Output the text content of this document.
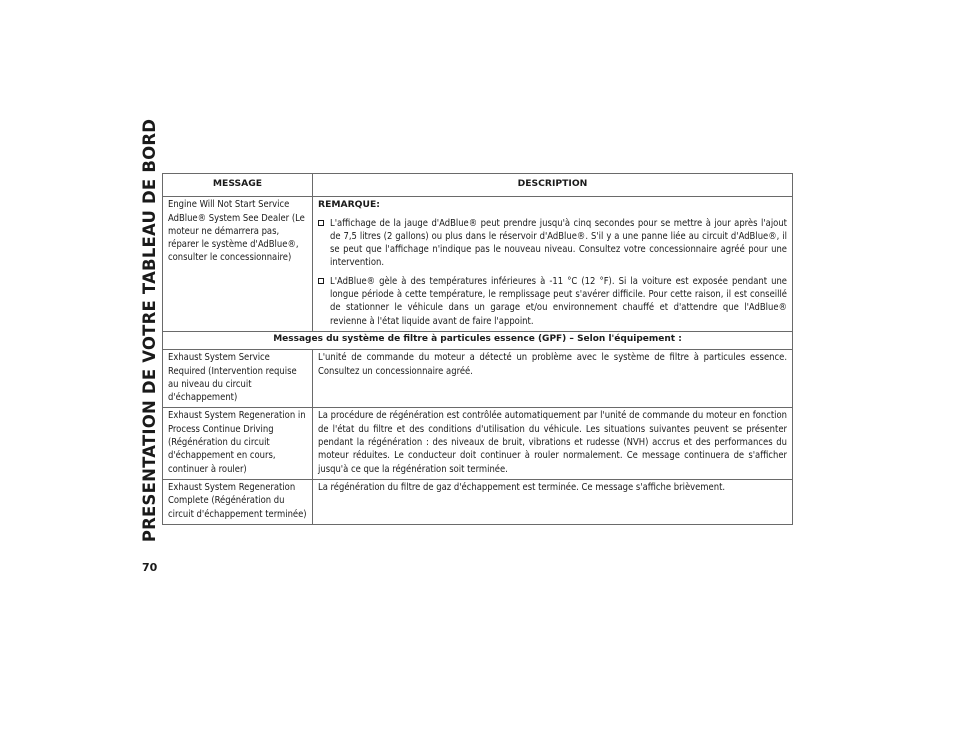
PRESENTATION DE VOTRE TABLEAU DE BORD	MESSAGE	DESCRIPTION
Engine Will Not Start Service AdBlue® System See Dealer (Le moteur ne démarrera pas, réparer le système d'AdBlue®, consulter le concessionnaire)	REMARQUE:
L'affichage de la jauge d'AdBlue® peut prendre jusqu'à cinq secondes pour se mettre à jour après l'ajout de 7,5 litres (2 gallons) ou plus dans le réservoir d'AdBlue®. S'il y a une panne liée au circuit d'AdBlue®, il se peut que l'affichage n'indique pas le nouveau niveau. Consultez votre concessionnaire agréé pour une intervention.
L'AdBlue® gèle à des températures inférieures à -11 °C (12 °F). Si la voiture est exposée pendant une longue période à cette température, le remplissage peut s'avérer difficile. Pour cette raison, il est conseillé de stationner le véhicule dans un garage et/ou environnement chauffé et d'attendre que l'AdBlue® revienne à l'état liquide avant de faire l'appoint.

Messages du système de filtre à particules essence (GPF) – Selon l'équipement :	
Exhaust System Service Required (Intervention requise au niveau du circuit d'échappement)	L'unité de commande du moteur a détecté un problème avec le système de filtre à particules essence. Consultez un concessionnaire agréé.
Exhaust System Regeneration in Process Continue Driving (Régénération du circuit d'échappement en cours, continuer à rouler)	La procédure de régénération est contrôlée automatiquement par l'unité de commande du moteur en fonction de l'état du filtre et des conditions d'utilisation du véhicule. Les situations suivantes peuvent se présenter pendant la régénération : des niveaux de bruit, vibrations et rudesse (NVH) accrus et des performances du moteur réduites. Le conducteur doit continuer à rouler normalement. Ce message continuera de s'afficher jusqu'à ce que la régénération soit terminée.
Exhaust System Regeneration Complete (Régénération du circuit d'échappement terminée)	La régénération du filtre de gaz d'échappement est terminée. Ce message s'affiche brièvement.
70
